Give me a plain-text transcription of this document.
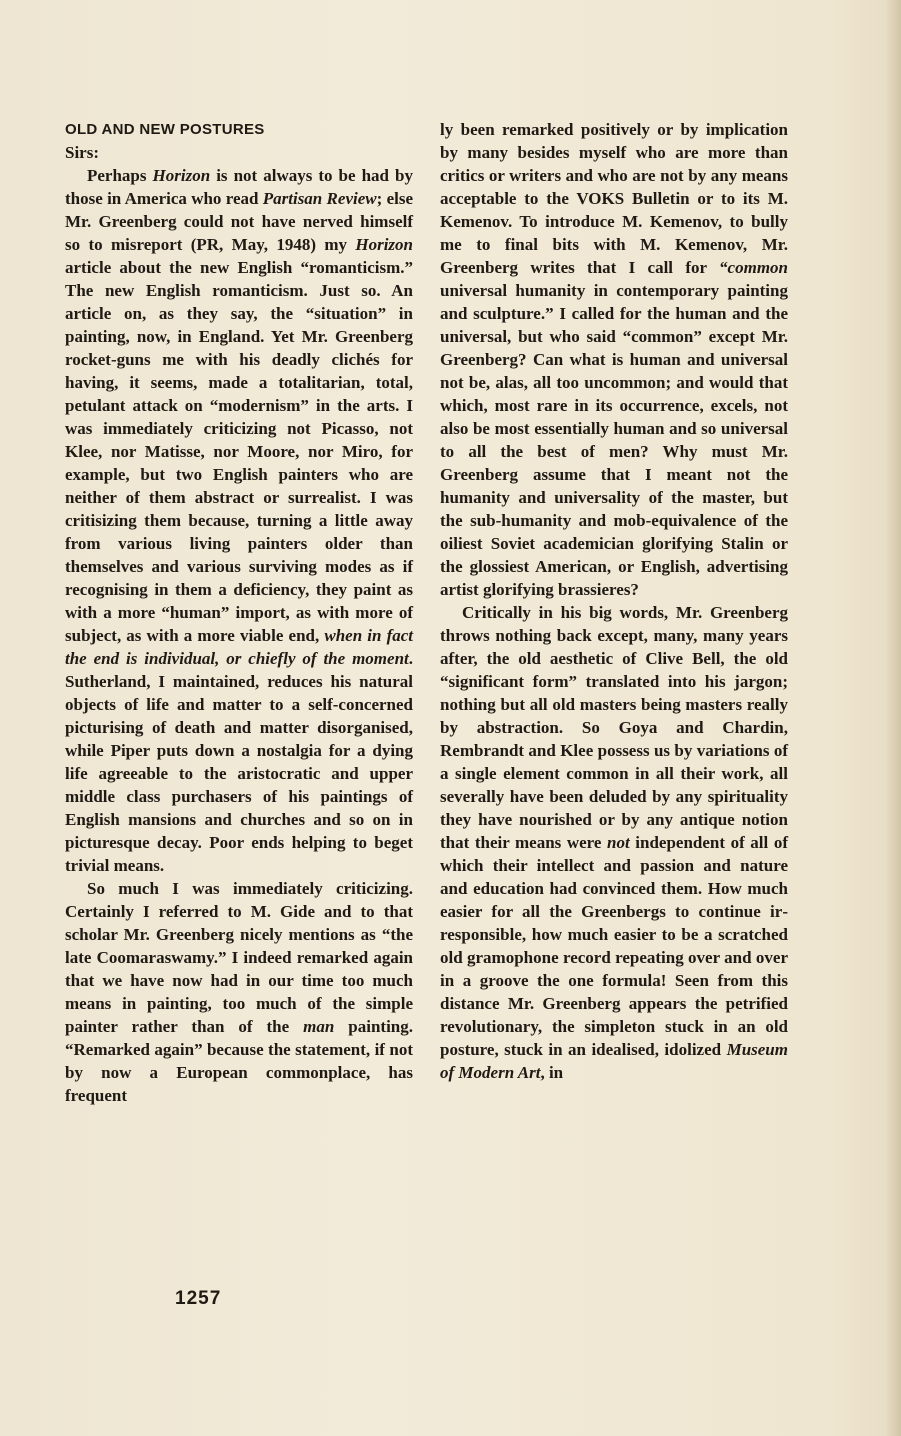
OLD AND NEW POSTURES

Sirs:

Perhaps Horizon is not always to be had by those in America who read Partisan Review; else Mr. Greenberg could not have nerved himself so to misreport (PR, May, 1948) my Horizon article about the new English “romanticism.” The new English romanticism. Just so. An article on, as they say, the “situation” in painting, now, in England. Yet Mr. Greenberg rocket-guns me with his deadly clichés for having, it seems, made a totalitarian, total, petulant attack on “modernism” in the arts. I was immediately criticizing not Picasso, not Klee, nor Matisse, nor Moore, nor Miro, for example, but two English painters who are neither of them abstract or surrealist. I was critisizing them because, turning a little away from various living painters older than themselves and various surviving modes as if recognising in them a deficiency, they paint as with a more “human” import, as with more of subject, as with a more viable end, when in fact the end is individual, or chiefly of the moment. Sutherland, I maintained, reduces his natural objects of life and matter to a self-concerned picturising of death and matter disorganised, while Piper puts down a nostalgia for a dying life agreeable to the aristocratic and upper middle class purchasers of his paintings of English mansions and churches and so on in picturesque decay. Poor ends helping to beget trivial means.

So much I was immediately criticizing. Certainly I referred to M. Gide and to that scholar Mr. Greenberg nicely mentions as “the late Coomaraswamy.” I indeed remarked again that we have now had in our time too much means in painting, too much of the simple painter rather than of the man painting. “Remarked again” because the statement, if not by now a European commonplace, has frequent

ly been remarked positively or by implication by many besides myself who are more than critics or writers and who are not by any means acceptable to the VOKS Bulletin or to its M. Kemenov. To introduce M. Kemenov, to bully me to final bits with M. Kemenov, Mr. Greenberg writes that I call for “common universal humanity in contemporary painting and sculpture.” I called for the human and the universal, but who said “common” except Mr. Greenberg? Can what is human and universal not be, alas, all too uncommon; and would that which, most rare in its occurrence, excels, not also be most essentially human and so universal to all the best of men? Why must Mr. Greenberg assume that I meant not the humanity and universality of the master, but the sub-humanity and mob-equivalence of the oiliest Soviet academician glorifying Stalin or the glossiest American, or English, advertising artist glorifying brassieres?

Critically in his big words, Mr. Greenberg throws nothing back except, many, many years after, the old aesthetic of Clive Bell, the old “significant form” translated into his jargon; nothing but all old masters being masters really by abstraction. So Goya and Chardin, Rembrandt and Klee possess us by variations of a single element common in all their work, all severally have been deluded by any spirituality they have nourished or by any antique notion that their means were not independent of all of which their intellect and passion and nature and education had convinced them. How much easier for all the Greenbergs to continue irresponsible, how much easier to be a scratched old gramophone record repeating over and over in a groove the one formula! Seen from this distance Mr. Greenberg appears the petrified revolutionary, the simpleton stuck in an old posture, stuck in an idealised, idolized Museum of Modern Art, in

1257
